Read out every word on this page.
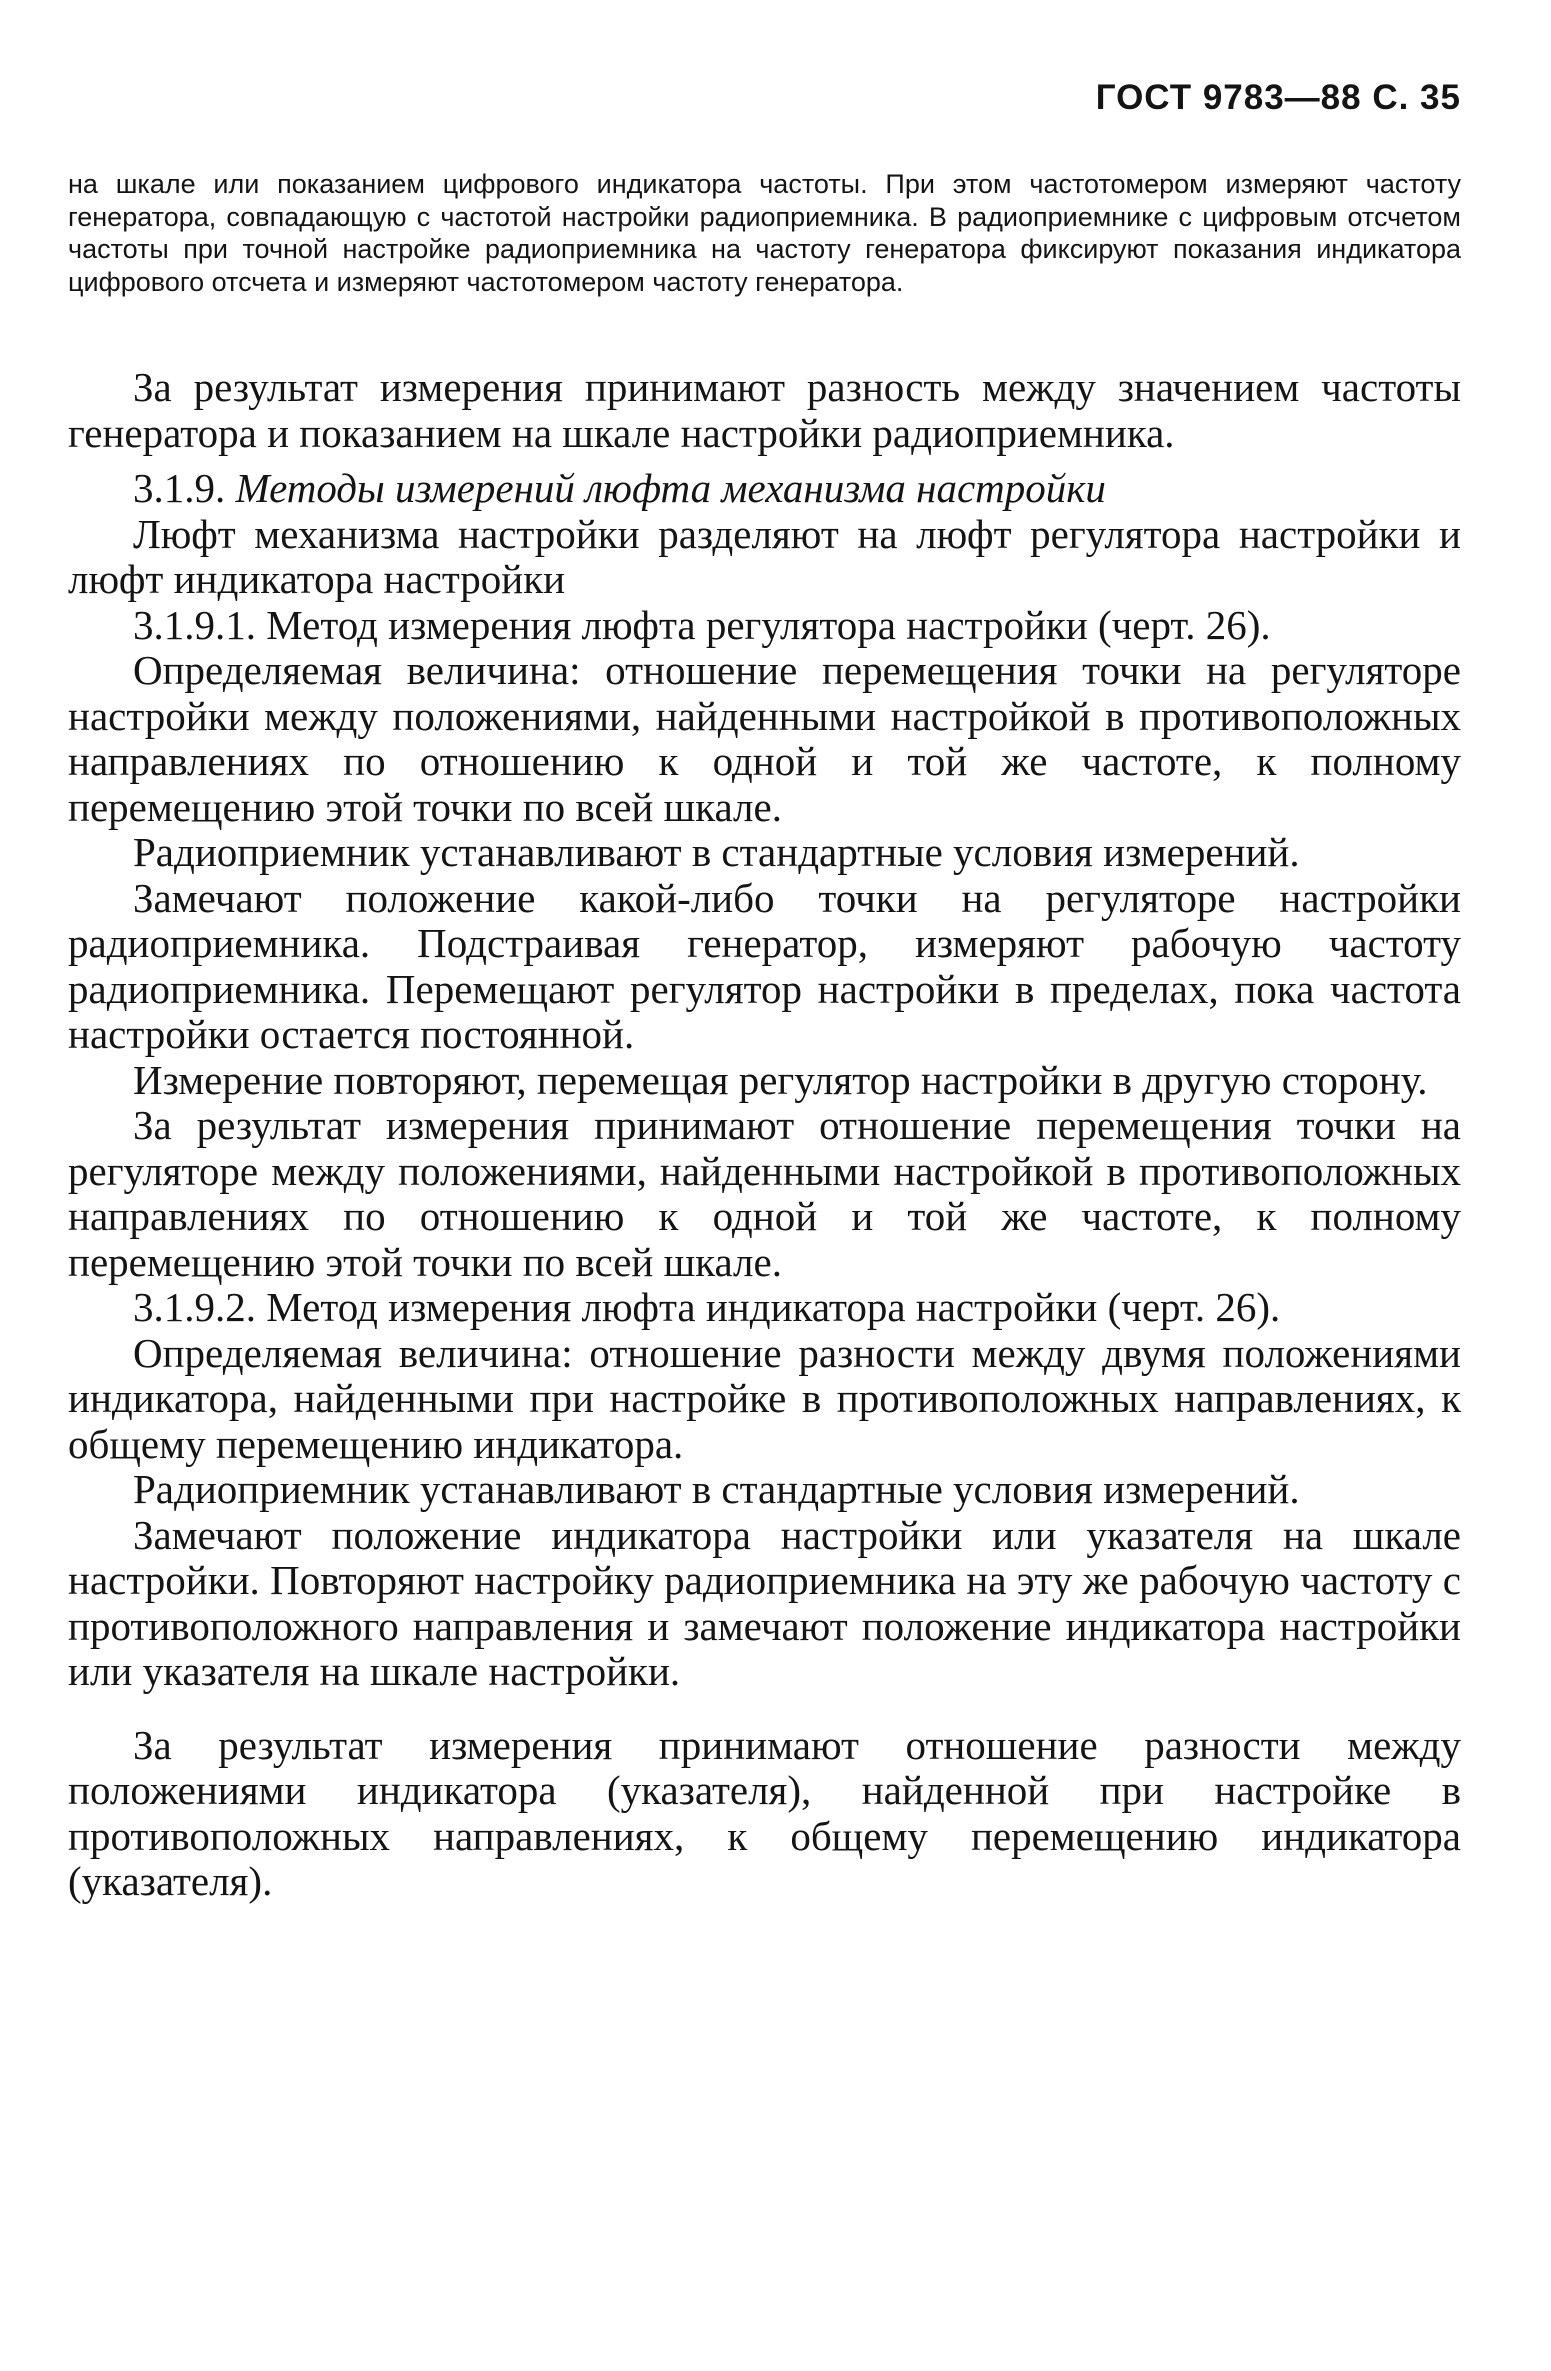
ГОСТ 9783—88 С. 35
на шкале или показанием цифрового индикатора частоты. При этом частотомером измеряют частоту генератора, совпадающую с частотой настройки радиоприемника. В радиоприемнике с цифровым отсчетом частоты при точной настройке радиоприемника на частоту генератора фиксируют показания индикатора цифрового отсчета и измеряют частотомером частоту генератора.

За результат измерения принимают разность между значением частоты генератора и показанием на шкале настройки радиоприемника.

3.1.9. Методы измерений люфта механизма настройки

Люфт механизма настройки разделяют на люфт регулятора настройки и люфт индикатора настройки

3.1.9.1. Метод измерения люфта регулятора настройки (черт. 26).

Определяемая величина: отношение перемещения точки на регуляторе настройки между положениями, найденными настройкой в противоположных направлениях по отношению к одной и той же частоте, к полному перемещению этой точки по всей шкале.

Радиоприемник устанавливают в стандартные условия измерений.

Замечают положение какой-либо точки на регуляторе настройки радиоприемника. Подстраивая генератор, измеряют рабочую частоту радиоприемника. Перемещают регулятор настройки в пределах, пока частота настройки остается постоянной.

Измерение повторяют, перемещая регулятор настройки в другую сторону.

За результат измерения принимают отношение перемещения точки на регуляторе между положениями, найденными настройкой в противоположных направлениях по отношению к одной и той же частоте, к полному перемещению этой точки по всей шкале.

3.1.9.2. Метод измерения люфта индикатора настройки (черт. 26).

Определяемая величина: отношение разности между двумя положениями индикатора, найденными при настройке в противоположных направлениях, к общему перемещению индикатора.

Радиоприемник устанавливают в стандартные условия измерений.

Замечают положение индикатора настройки или указателя на шкале настройки. Повторяют настройку радиоприемника на эту же рабочую частоту с противоположного направления и замечают положение индикатора настройки или указателя на шкале настройки.

За результат измерения принимают отношение разности между положениями индикатора (указателя), найденной при настройке в противоположных направлениях, к общему перемещению индикатора (указателя).
